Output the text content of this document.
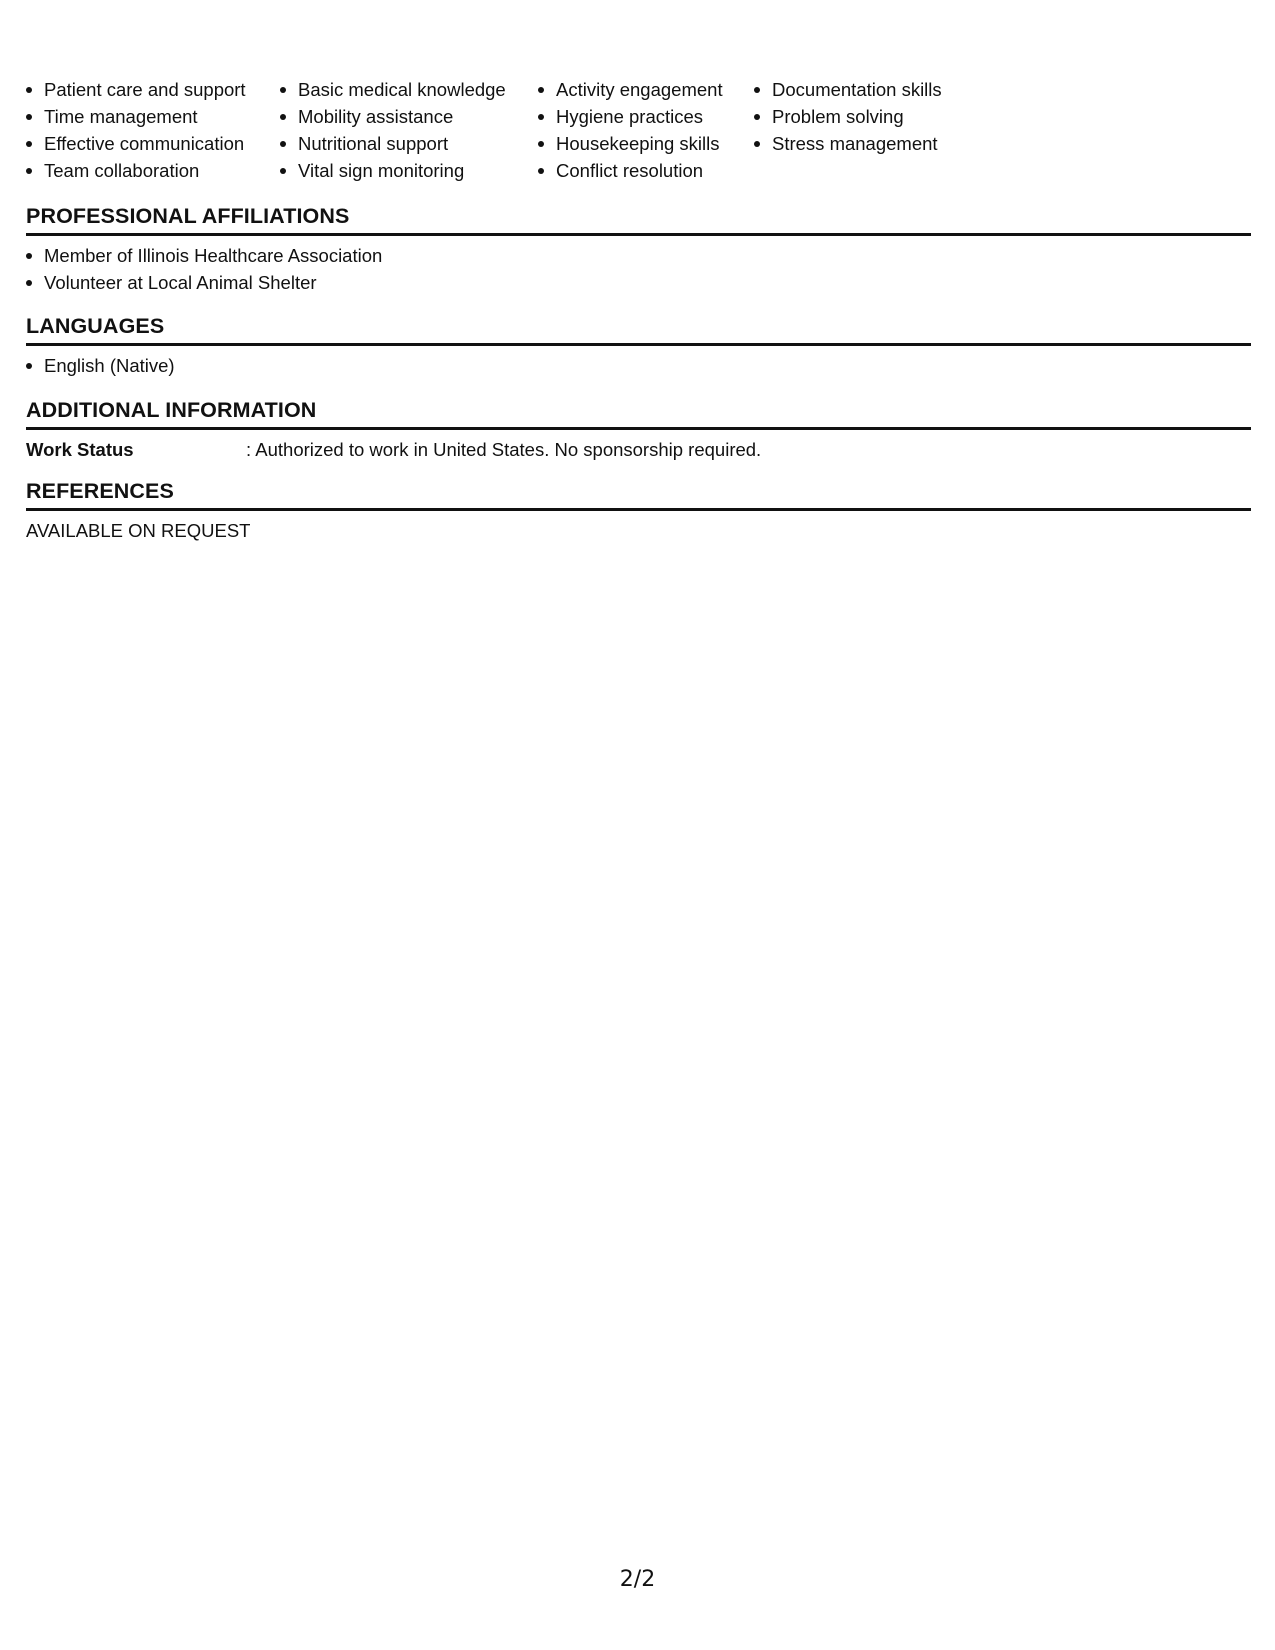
Patient care and support
Time management
Effective communication
Team collaboration
Basic medical knowledge
Mobility assistance
Nutritional support
Vital sign monitoring
Activity engagement
Hygiene practices
Housekeeping skills
Conflict resolution
Documentation skills
Problem solving
Stress management
PROFESSIONAL AFFILIATIONS
Member of Illinois Healthcare Association
Volunteer at Local Animal Shelter
LANGUAGES
English (Native)
ADDITIONAL INFORMATION
Work Status	: Authorized to work in United States. No sponsorship required.
REFERENCES
AVAILABLE ON REQUEST
2/2
